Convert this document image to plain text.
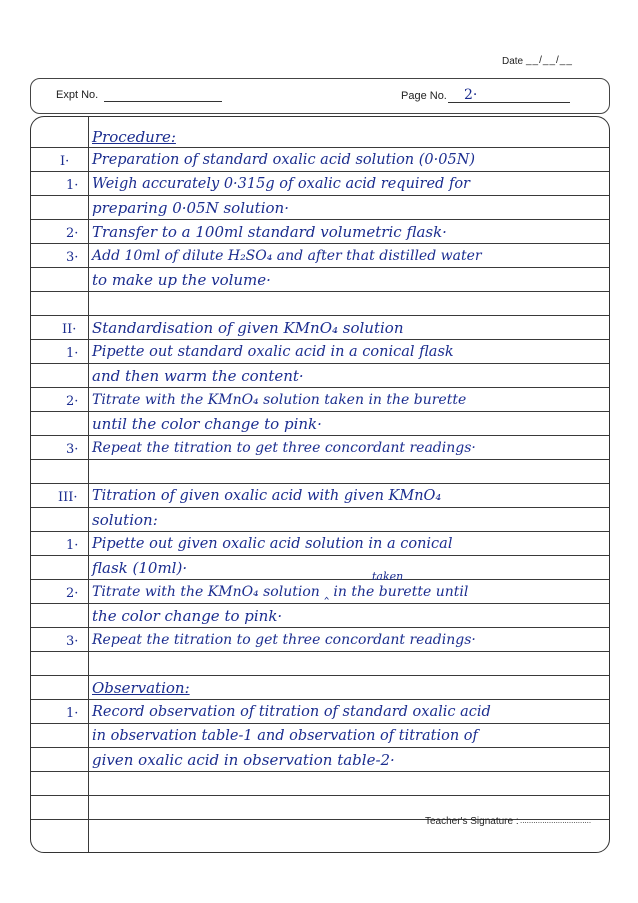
Date __/__/__
Expt No.	Page No. 2·
Procedure:
I· Preparation of standard oxalic acid solution (0·05N)
1· Weigh accurately 0·315g of oxalic acid required for
preparing 0·05N solution·
2· Transfer to a 100ml standard volumetric flask·
3· Add 10ml of dilute H₂SO₄ and after that distilled water
to make up the volume·
II· Standardisation of given KMnO₄ solution
1· Pipette out standard oxalic acid in a conical flask
and then warm the content·
2· Titrate with the KMnO₄ solution taken in the burette
until the color change to pink·
3· Repeat the titration to get three concordant readings·
III· Titration of given oxalic acid with given KMnO₄
solution:
1· Pipette out given oxalic acid solution in a conical
flask (10ml)·	taken
2· Titrate with the KMnO₄ solution ‸ in the burette until
the color change to pink·
3· Repeat the titration to get three concordant readings·
Observation:
1· Record observation of titration of standard oxalic acid
in observation table-1 and observation of titration of
given oxalic acid in observation table-2·
Teacher's Signature : ................................
